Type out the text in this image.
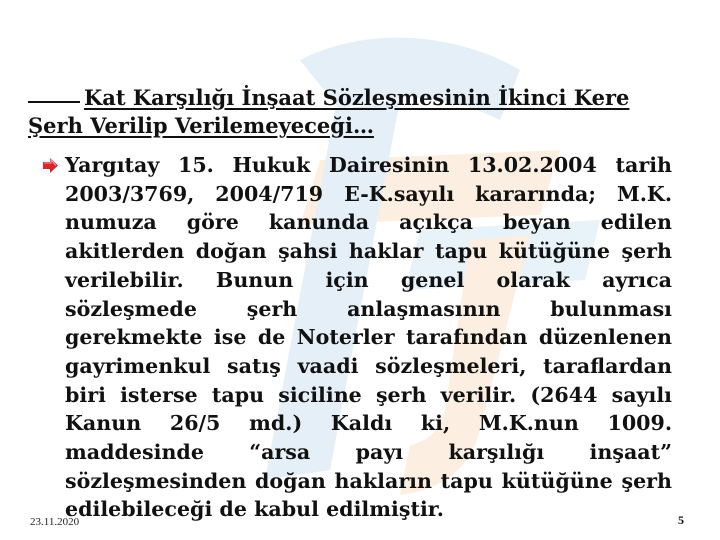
Kat Karşılığı İnşaat Sözleşmesinin İkinci Kere Şerh Verilip Verilemeyeceği…
Yargıtay 15. Hukuk Dairesinin 13.02.2004 tarih 2003/3769, 2004/719 E-K.sayılı kararında; M.K. numuza göre kanunda açıkça beyan edilen akitlerden doğan şahsi haklar tapu kütüğüne şerh verilebilir. Bunun için genel olarak ayrıca sözleşmede şerh anlaşmasının bulunması gerekmekte ise de Noterler tarafından düzenlenen gayrimenkul satış vaadi sözleşmeleri, taraflardan biri isterse tapu siciline şerh verilir. (2644 sayılı Kanun 26/5 md.) Kaldı ki, M.K.nun 1009. maddesinde “arsa payı karşılığı inşaat” sözleşmesinden doğan hakların tapu kütüğüne şerh edilebileceği de kabul edilmiştir.
23.11.2020	5
